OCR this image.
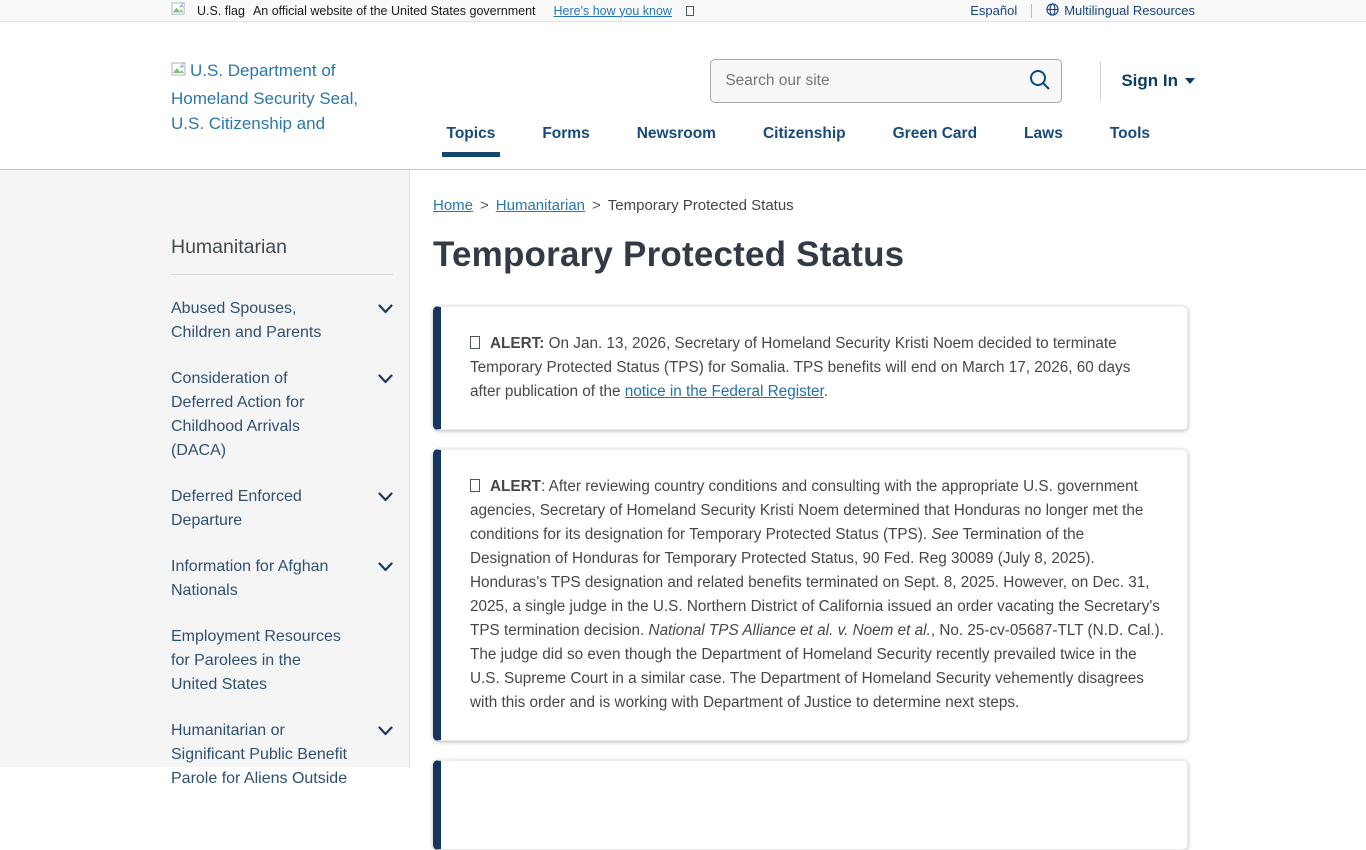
U.S. flag An official website of the United States government Here's how you know	Español	Multilingual Resources
U.S. Department of Homeland Security Seal, U.S. Citizenship and
Search our site
Sign In
Topics	Forms	Newsroom	Citizenship	Green Card	Laws	Tools
Humanitarian
Abused Spouses, Children and Parents
Consideration of Deferred Action for Childhood Arrivals (DACA)
Deferred Enforced Departure
Information for Afghan Nationals
Employment Resources for Parolees in the United States
Humanitarian or Significant Public Benefit Parole for Aliens Outside
Home > Humanitarian > Temporary Protected Status
Temporary Protected Status
ALERT: On Jan. 13, 2026, Secretary of Homeland Security Kristi Noem decided to terminate Temporary Protected Status (TPS) for Somalia. TPS benefits will end on March 17, 2026, 60 days after publication of the notice in the Federal Register.
ALERT: After reviewing country conditions and consulting with the appropriate U.S. government agencies, Secretary of Homeland Security Kristi Noem determined that Honduras no longer met the conditions for its designation for Temporary Protected Status (TPS). See Termination of the Designation of Honduras for Temporary Protected Status, 90 Fed. Reg 30089 (July 8, 2025). Honduras's TPS designation and related benefits terminated on Sept. 8, 2025. However, on Dec. 31, 2025, a single judge in the U.S. Northern District of California issued an order vacating the Secretary's TPS termination decision. National TPS Alliance et al. v. Noem et al., No. 25-cv-05687-TLT (N.D. Cal.). The judge did so even though the Department of Homeland Security recently prevailed twice in the U.S. Supreme Court in a similar case. The Department of Homeland Security vehemently disagrees with this order and is working with Department of Justice to determine next steps.
